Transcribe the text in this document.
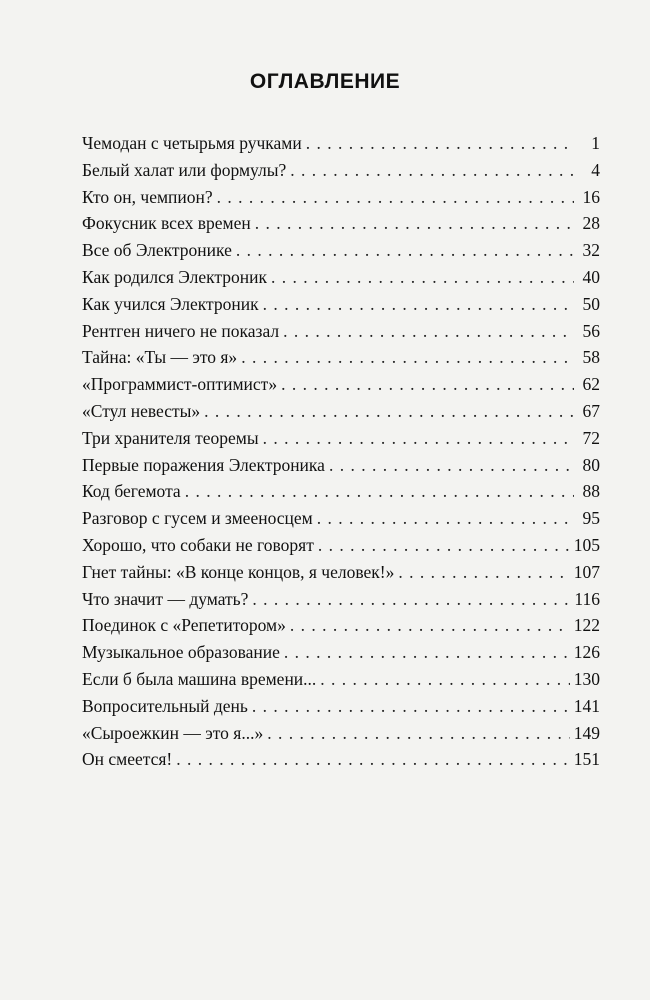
ОГЛАВЛЕНИЕ
Чемодан с четырьмя ручками . . .	1
Белый халат или формулы? . . .	4
Кто он, чемпион? . . .	16
Фокусник всех времен . . .	28
Все об Электронике . . .	32
Как родился Электроник . . .	40
Как учился Электроник . . .	50
Рентген ничего не показал . . .	56
Тайна: «Ты — это я» . . .	58
«Программист-оптимист» . . .	62
«Стул невесты» . . .	67
Три хранителя теоремы . . .	72
Первые поражения Электроника . . .	80
Код бегемота . . .	88
Разговор с гусем и змееносцем . . .	95
Хорошо, что собаки не говорят . . .	105
Гнет тайны: «В конце концов, я человек!» . . .	107
Что значит — думать? . . .	116
Поединок с «Репетитором» . . .	122
Музыкальное образование . . .	126
Если б была машина времени... . . .	130
Вопросительный день . . .	141
«Сыроежкин — это я...» . . .	149
Он смеется! . . .	151
